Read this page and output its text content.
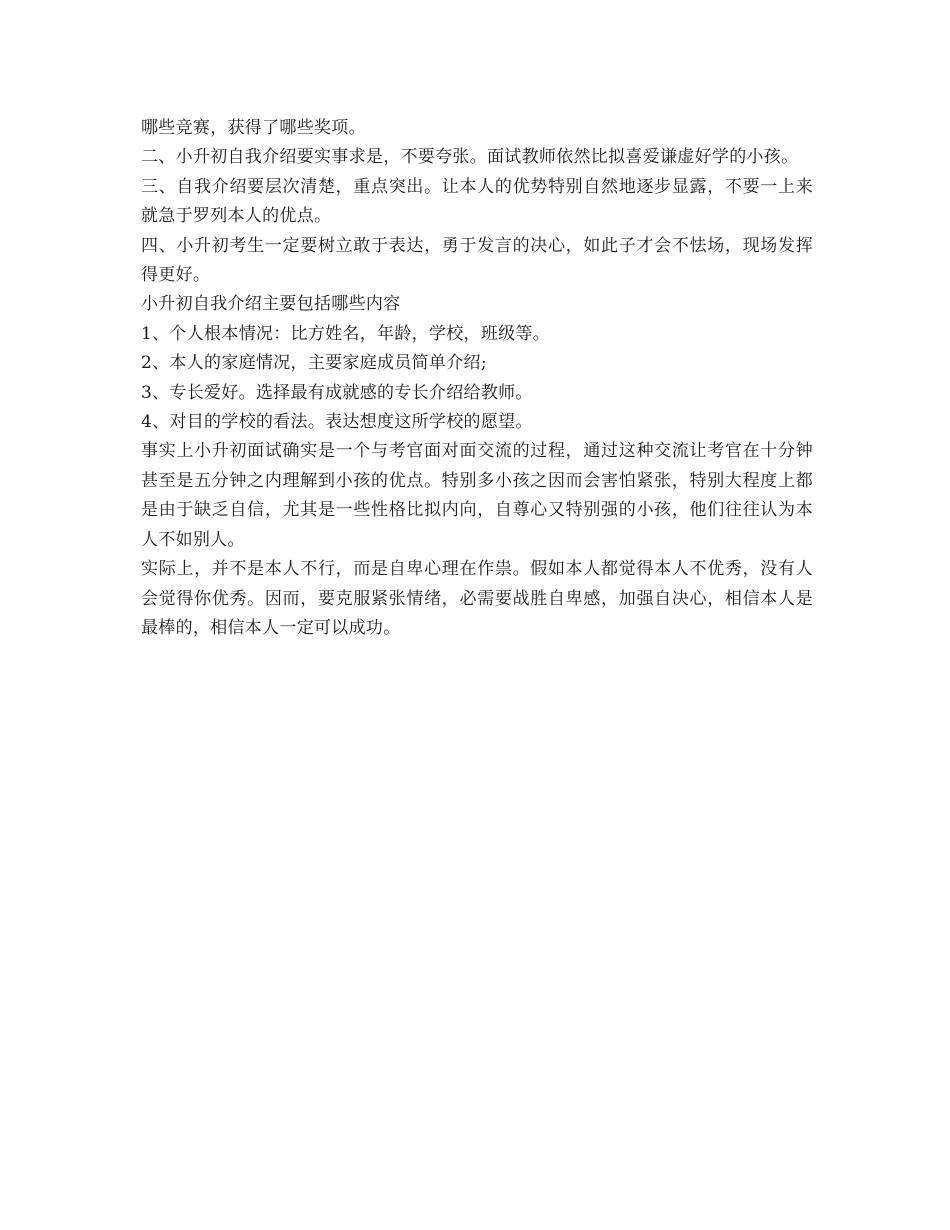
哪些竞赛，获得了哪些奖项。

二、小升初自我介绍要实事求是，不要夸张。面试教师依然比拟喜爱谦虚好学的小孩。

三、自我介绍要层次清楚，重点突出。让本人的优势特别自然地逐步显露，不要一上来就急于罗列本人的优点。

四、小升初考生一定要树立敢于表达，勇于发言的决心，如此子才会不怯场，现场发挥得更好。

小升初自我介绍主要包括哪些内容

1、个人根本情况：比方姓名，年龄，学校，班级等。

2、本人的家庭情况，主要家庭成员简单介绍;

3、专长爱好。选择最有成就感的专长介绍给教师。

4、对目的学校的看法。表达想度这所学校的愿望。

事实上小升初面试确实是一个与考官面对面交流的过程，通过这种交流让考官在十分钟甚至是五分钟之内理解到小孩的优点。特别多小孩之因而会害怕紧张，特别大程度上都是由于缺乏自信，尤其是一些性格比拟内向，自尊心又特别强的小孩，他们往往认为本人不如别人。

实际上，并不是本人不行，而是自卑心理在作祟。假如本人都觉得本人不优秀，没有人会觉得你优秀。因而，要克服紧张情绪，必需要战胜自卑感，加强自决心，相信本人是最棒的，相信本人一定可以成功。
